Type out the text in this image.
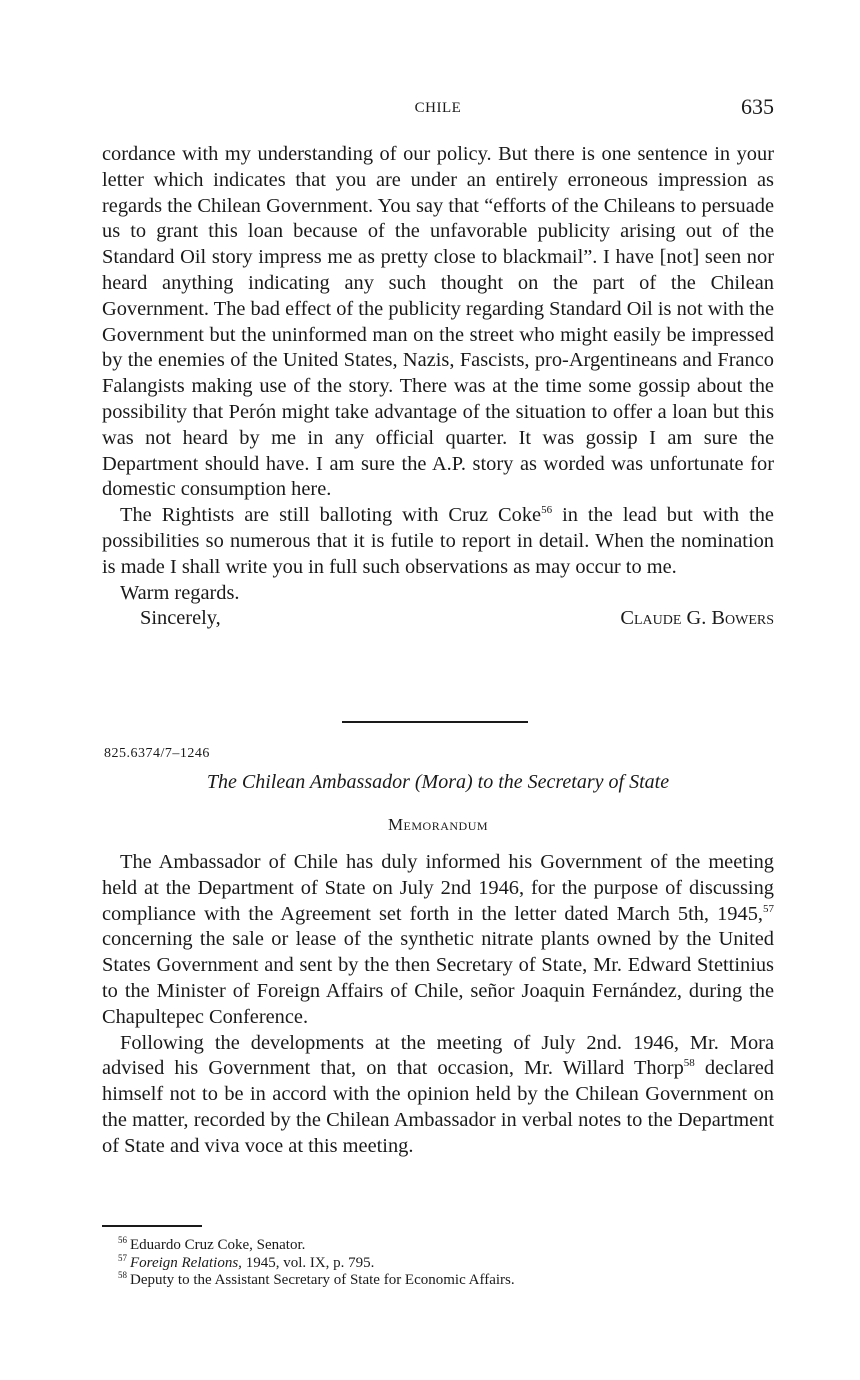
CHILE	635

cordance with my understanding of our policy. But there is one sentence in your letter which indicates that you are under an entirely erroneous impression as regards the Chilean Government. You say that “efforts of the Chileans to persuade us to grant this loan because of the unfavorable publicity arising out of the Standard Oil story impress me as pretty close to blackmail”. I have [not] seen nor heard anything indicating any such thought on the part of the Chilean Government. The bad effect of the publicity regarding Standard Oil is not with the Government but the uninformed man on the street who might easily be impressed by the enemies of the United States, Nazis, Fascists, pro-Argentineans and Franco Falangists making use of the story. There was at the time some gossip about the possibility that Perón might take advantage of the situation to offer a loan but this was not heard by me in any official quarter. It was gossip I am sure the Department should have. I am sure the A.P. story as worded was unfortunate for domestic consumption here.

The Rightists are still balloting with Cruz Coke$^{56}$ in the lead but with the possibilities so numerous that it is futile to report in detail. When the nomination is made I shall write you in full such observations as may occur to me.

Warm regards.

Sincerely,	Claude G. Bowers
825.6374/7–1246
The Chilean Ambassador (Mora) to the Secretary of State
Memorandum

The Ambassador of Chile has duly informed his Government of the meeting held at the Department of State on July 2nd 1946, for the purpose of discussing compliance with the Agreement set forth in the letter dated March 5th, 1945,57 concerning the sale or lease of the synthetic nitrate plants owned by the United States Government and sent by the then Secretary of State, Mr. Edward Stettinius to the Minister of Foreign Affairs of Chile, señor Joaquin Fernández, during the Chapultepec Conference.

Following the developments at the meeting of July 2nd. 1946, Mr. Mora advised his Government that, on that occasion, Mr. Willard Thorp$^{58}$ declared himself not to be in accord with the opinion held by the Chilean Government on the matter, recorded by the Chilean Ambassador in verbal notes to the Department of State and viva voce at this meeting.

56 Eduardo Cruz Coke, Senator.
57 Foreign Relations, 1945, vol. IX, p. 795.
58 Deputy to the Assistant Secretary of State for Economic Affairs.
